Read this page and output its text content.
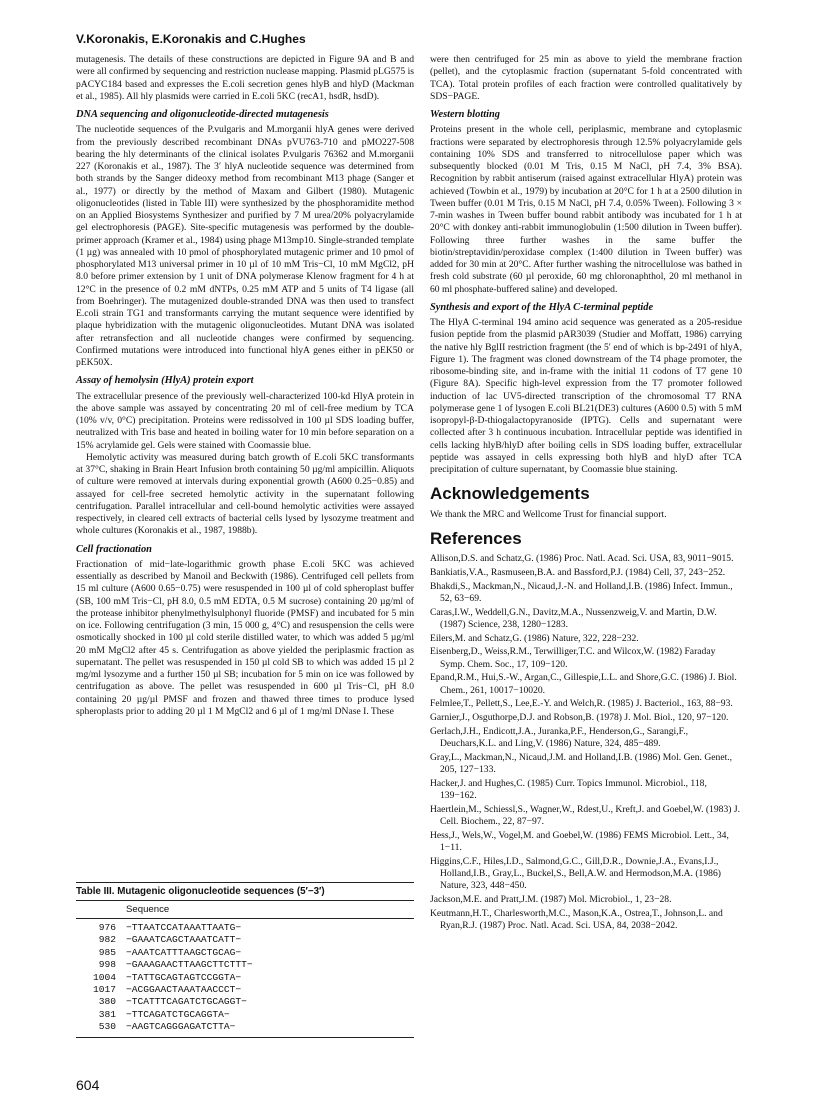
V.Koronakis, E.Koronakis and C.Hughes

mutagenesis. The details of these constructions are depicted in Figure 9A and B and were all confirmed by sequencing and restriction nuclease mapping. Plasmid pLG575 is pACYC184 based and expresses the E.coli secretion genes hlyB and hlyD (Mackman et al., 1985). All hly plasmids were carried in E.coli 5KC (recA1, hsdR, hsdD).

DNA sequencing and oligonucleotide-directed mutagenesis

The nucleotide sequences of the P.vulgaris and M.morganii hlyA genes were derived from the previously described recombinant DNAs pVU763-710 and pMO227-508 bearing the hly determinants of the clinical isolates P.vulgaris 76362 and M.morganii 227 (Koronakis et al., 1987). The 3′ hlyA nucleotide sequence was determined from both strands by the Sanger dideoxy method from recombinant M13 phage (Sanger et al., 1977) or directly by the method of Maxam and Gilbert (1980). Mutagenic oligonucleotides (listed in Table III) were synthesized by the phosphoramidite method on an Applied Biosystems Synthesizer and purified by 7 M urea/20% polyacrylamide gel electrophoresis (PAGE). Site-specific mutagenesis was performed by the double-primer approach (Kramer et al., 1984) using phage M13mp10. Single-stranded template (1 µg) was annealed with 10 pmol of phosphorylated mutagenic primer and 10 pmol of phosphorylated M13 universal primer in 10 µl of 10 mM Tris−Cl, 10 mM MgCl2, pH 8.0 before primer extension by 1 unit of DNA polymerase Klenow fragment for 4 h at 12°C in the presence of 0.2 mM dNTPs, 0.25 mM ATP and 5 units of T4 ligase (all from Boehringer). The mutagenized double-stranded DNA was then used to transfect E.coli strain TG1 and transformants carrying the mutant sequence were identified by plaque hybridization with the mutagenic oligonucleotides. Mutant DNA was isolated after retransfection and all nucleotide changes were confirmed by sequencing. Confirmed mutations were introduced into functional hlyA genes either in pEK50 or pEK50X.

Assay of hemolysin (HlyA) protein export

The extracellular presence of the previously well-characterized 100-kd HlyA protein in the above sample was assayed by concentrating 20 ml of cell-free medium by TCA (10% v/v, 0°C) precipitation. Proteins were redissolved in 100 µl SDS loading buffer, neutralized with Tris base and heated in boiling water for 10 min before separation on a 15% acrylamide gel. Gels were stained with Coomassie blue.

Hemolytic activity was measured during batch growth of E.coli 5KC transformants at 37°C, shaking in Brain Heart Infusion broth containing 50 µg/ml ampicillin. Aliquots of culture were removed at intervals during exponential growth (A600 0.25−0.85) and assayed for cell-free secreted hemolytic activity in the supernatant following centrifugation. Parallel intracellular and cell-bound hemolytic activities were assayed respectively, in cleared cell extracts of bacterial cells lysed by lysozyme treatment and whole cultures (Koronakis et al., 1987, 1988b).

Cell fractionation

Fractionation of mid−late-logarithmic growth phase E.coli 5KC was achieved essentially as described by Manoil and Beckwith (1986). Centrifuged cell pellets from 15 ml culture (A600 0.65−0.75) were resuspended in 100 µl of cold spheroplast buffer (SB, 100 mM Tris−Cl, pH 8.0, 0.5 mM EDTA, 0.5 M sucrose) containing 20 µg/ml of the protease inhibitor phenylmethylsulphonyl fluoride (PMSF) and incubated for 5 min on ice. Following centrifugation (3 min, 15 000 g, 4°C) and resuspension the cells were osmotically shocked in 100 µl cold sterile distilled water, to which was added 5 µg/ml 20 mM MgCl2 after 45 s. Centrifugation as above yielded the periplasmic fraction as supernatant. The pellet was resuspended in 150 µl cold SB to which was added 15 µl 2 mg/ml lysozyme and a further 150 µl SB; incubation for 5 min on ice was followed by centrifugation as above. The pellet was resuspended in 600 µl Tris−Cl, pH 8.0 containing 20 µg/µl PMSF and frozen and thawed three times to produce lysed spheroplasts prior to adding 20 µl 1 M MgCl2 and 6 µl of 1 mg/ml DNase I. These

Table III. Mutagenic oligonucleotide sequences (5′−3′)
Sequence
976	−TTAATCCATAAATTAATG−
982	−GAAATCAGCTAAATCATT−
985	−AAATCATTTAAGCTGCAG−
998	−GAAAGAACTTAAGCTTCTTT−
1004	−TATTGCAGTAGTCCGGTA−
1017	−ACGGAACTAAATAACCCT−
380	−TCATTTCAGATCTGCAGGT−
381	−TTCAGATCTGCAGGTA−
530	−AAGTCAGGGAGATCTTA−
604

were then centrifuged for 25 min as above to yield the membrane fraction (pellet), and the cytoplasmic fraction (supernatant 5-fold concentrated with TCA). Total protein profiles of each fraction were controlled qualitatively by SDS−PAGE.

Western blotting

Proteins present in the whole cell, periplasmic, membrane and cytoplasmic fractions were separated by electrophoresis through 12.5% polyacrylamide gels containing 10% SDS and transferred to nitrocellulose paper which was subsequently blocked (0.01 M Tris, 0.15 M NaCl, pH 7.4, 3% BSA). Recognition by rabbit antiserum (raised against extracellular HlyA) protein was achieved (Towbin et al., 1979) by incubation at 20°C for 1 h at a 2500 dilution in Tween buffer (0.01 M Tris, 0.15 M NaCl, pH 7.4, 0.05% Tween). Following 3 × 7-min washes in Tween buffer bound rabbit antibody was incubated for 1 h at 20°C with donkey anti-rabbit immunoglobulin (1:500 dilution in Tween buffer). Following three further washes in the same buffer the biotin/streptavidin/peroxidase complex (1:400 dilution in Tween buffer) was added for 30 min at 20°C. After further washing the nitrocellulose was bathed in fresh cold substrate (60 µl peroxide, 60 mg chloronaphthol, 20 ml methanol in 60 ml phosphate-buffered saline) and developed.

Synthesis and export of the HlyA C-terminal peptide

The HlyA C-terminal 194 amino acid sequence was generated as a 205-residue fusion peptide from the plasmid pAR3039 (Studier and Moffatt, 1986) carrying the native hly BglII restriction fragment (the 5′ end of which is bp-2491 of hlyA, Figure 1). The fragment was cloned downstream of the T4 phage promoter, the ribosome-binding site, and in-frame with the initial 11 codons of T7 gene 10 (Figure 8A). Specific high-level expression from the T7 promoter followed induction of lac UV5-directed transcription of the chromosomal T7 RNA polymerase gene 1 of lysogen E.coli BL21(DE3) cultures (A600 0.5) with 5 mM isopropyl-β-D-thiogalactopyranoside (IPTG). Cells and supernatant were collected after 3 h continuous incubation. Intracellular peptide was identified in cells lacking hlyB/hlyD after boiling cells in SDS loading buffer, extracellular peptide was assayed in cells expressing both hlyB and hlyD after TCA precipitation of culture supernatant, by Coomassie blue staining.

Acknowledgements

We thank the MRC and Wellcome Trust for financial support.

References

Allison,D.S. and Schatz,G. (1986) Proc. Natl. Acad. Sci. USA, 83, 9011−9015.

Bankiatis,V.A., Rasmuseen,B.A. and Bassford,P.J. (1984) Cell, 37, 243−252.

Bhakdi,S., Mackman,N., Nicaud,J.-N. and Holland,I.B. (1986) Infect. Immun., 52, 63−69.

Caras,I.W., Weddell,G.N., Davitz,M.A., Nussenzweig,V. and Martin, D.W. (1987) Science, 238, 1280−1283.

Eilers,M. and Schatz,G. (1986) Nature, 322, 228−232.

Eisenberg,D., Weiss,R.M., Terwilliger,T.C. and Wilcox,W. (1982) Faraday Symp. Chem. Soc., 17, 109−120.

Epand,R.M., Hui,S.-W., Argan,C., Gillespie,L.L. and Shore,G.C. (1986) J. Biol. Chem., 261, 10017−10020.

Felmlee,T., Pellett,S., Lee,E.-Y. and Welch,R. (1985) J. Bacteriol., 163, 88−93.

Garnier,J., Osguthorpe,D.J. and Robson,B. (1978) J. Mol. Biol., 120, 97−120.

Gerlach,J.H., Endicott,J.A., Juranka,P.F., Henderson,G., Sarangi,F., Deuchars,K.L. and Ling,V. (1986) Nature, 324, 485−489.

Gray,L., Mackman,N., Nicaud,J.M. and Holland,I.B. (1986) Mol. Gen. Genet., 205, 127−133.

Hacker,J. and Hughes,C. (1985) Curr. Topics Immunol. Microbiol., 118, 139−162.

Haertlein,M., Schiessl,S., Wagner,W., Rdest,U., Kreft,J. and Goebel,W. (1983) J. Cell. Biochem., 22, 87−97.

Hess,J., Wels,W., Vogel,M. and Goebel,W. (1986) FEMS Microbiol. Lett., 34, 1−11.

Higgins,C.F., Hiles,I.D., Salmond,G.C., Gill,D.R., Downie,J.A., Evans,I.J., Holland,I.B., Gray,L., Buckel,S., Bell,A.W. and Hermodson,M.A. (1986) Nature, 323, 448−450.

Jackson,M.E. and Pratt,J.M. (1987) Mol. Microbiol., 1, 23−28.

Keutmann,H.T., Charlesworth,M.C., Mason,K.A., Ostrea,T., Johnson,L. and Ryan,R.J. (1987) Proc. Natl. Acad. Sci. USA, 84, 2038−2042.
